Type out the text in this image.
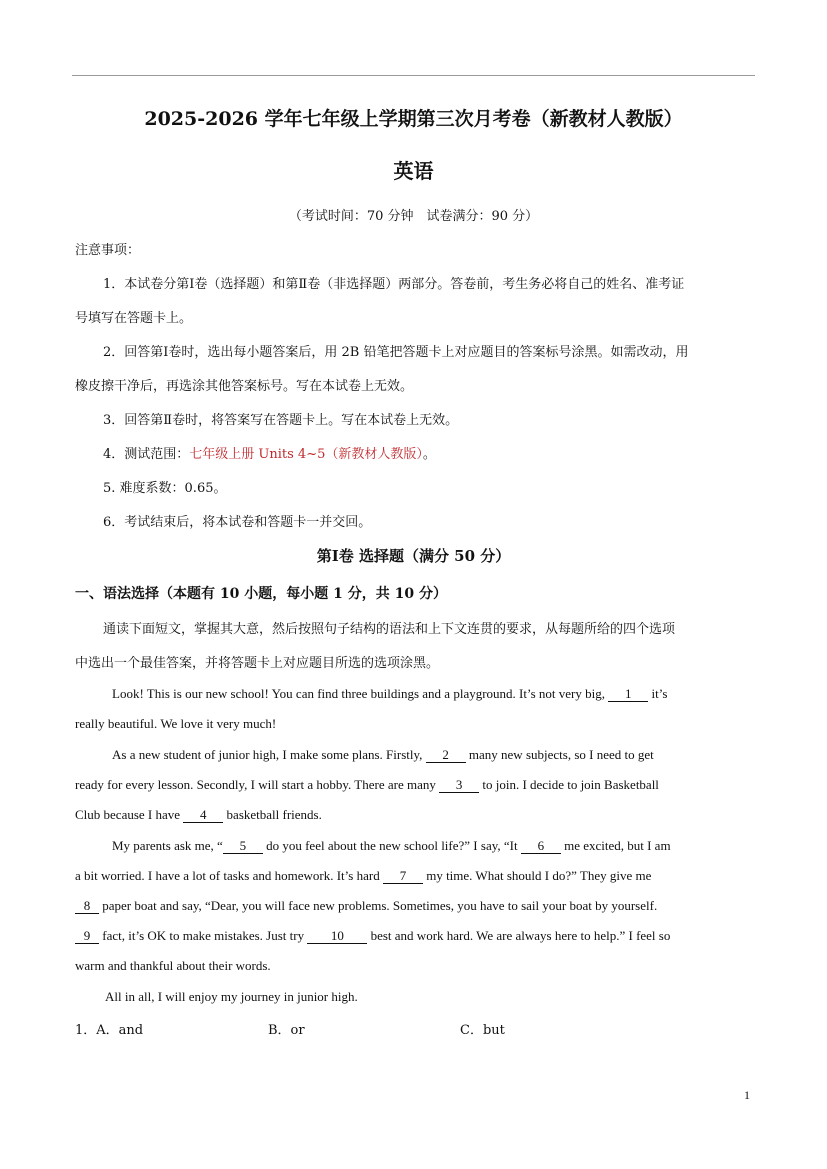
2025-2026 学年七年级上学期第三次月考卷（新教材人教版）
英语
（考试时间：70 分钟　试卷满分：90 分）
注意事项：
1．本试卷分第Ⅰ卷（选择题）和第Ⅱ卷（非选择题）两部分。答卷前，考生务必将自己的姓名、准考证
号填写在答题卡上。
2．回答第Ⅰ卷时，选出每小题答案后，用 2B 铅笔把答题卡上对应题目的答案标号涂黑。如需改动，用
橡皮擦干净后，再选涂其他答案标号。写在本试卷上无效。
3．回答第Ⅱ卷时，将答案写在答题卡上。写在本试卷上无效。
4．测试范围：七年级上册 Units 4~5（新教材人教版）。
5. 难度系数：0.65。
6．考试结束后，将本试卷和答题卡一并交回。
第Ⅰ卷 选择题（满分 50 分）
一、语法选择（本题有 10 小题，每小题 1 分，共 10 分）
通读下面短文，掌握其大意，然后按照句子结构的语法和上下文连贯的要求，从每题所给的四个选项
中选出一个最佳答案，并将答题卡上对应题目所选的选项涂黑。
Look! This is our new school! You can find three buildings and a playground. It’s not very big, 1 it’s
really beautiful. We love it very much!
As a new student of junior high, I make some plans. Firstly, 2 many new subjects, so I need to get
ready for every lesson. Secondly, I will start a hobby. There are many 3 to join. I decide to join Basketball
Club because I have 4 basketball friends.
My parents ask me, “ 5 do you feel about the new school life?” I say, “It 6 me excited, but I am
a bit worried. I have a lot of tasks and homework. It’s hard 7 my time. What should I do?” They give me
8 paper boat and say, “Dear, you will face new problems. Sometimes, you have to sail your boat by yourself.
9 fact, it’s OK to make mistakes. Just try 10 best and work hard. We are always here to help.” I feel so
warm and thankful about their words.
All in all, I will enjoy my journey in junior high.
1．A．and	B．or	C．but
1
